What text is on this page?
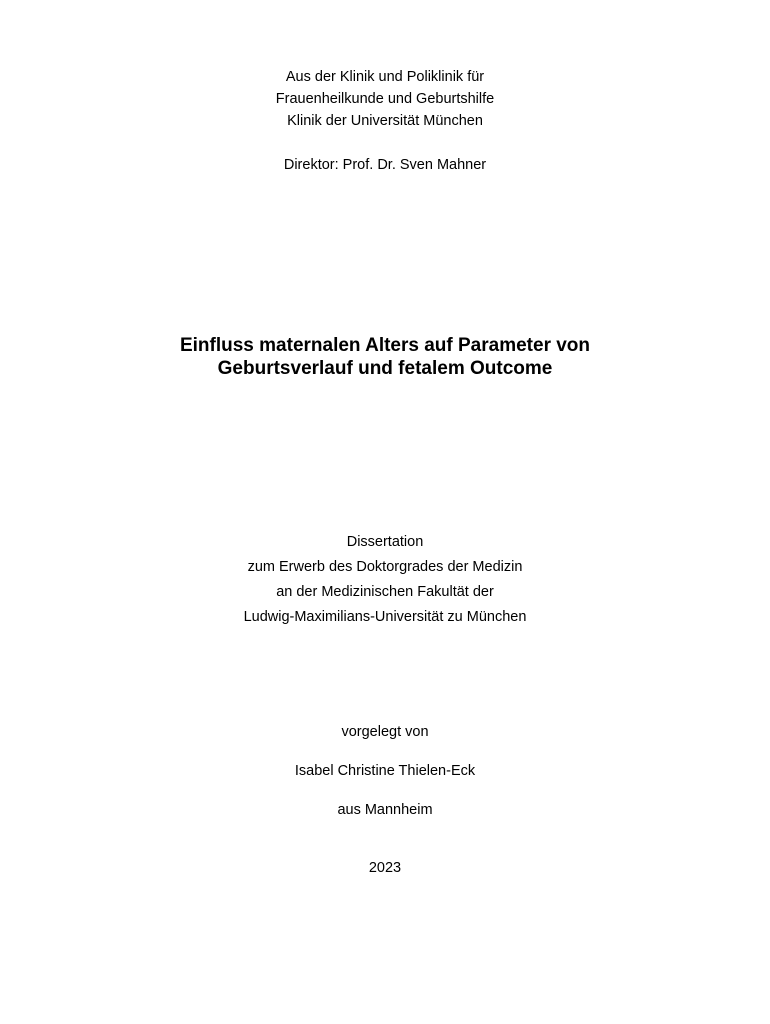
Aus der Klinik und Poliklinik für
Frauenheilkunde und Geburtshilfe
Klinik der Universität München
Direktor: Prof. Dr. Sven Mahner
Einfluss maternalen Alters auf Parameter von
Geburtsverlauf und fetalem Outcome
Dissertation
zum Erwerb des Doktorgrades der Medizin
an der Medizinischen Fakultät der
Ludwig-Maximilians-Universität zu München
vorgelegt von
Isabel Christine Thielen-Eck
aus Mannheim
2023
